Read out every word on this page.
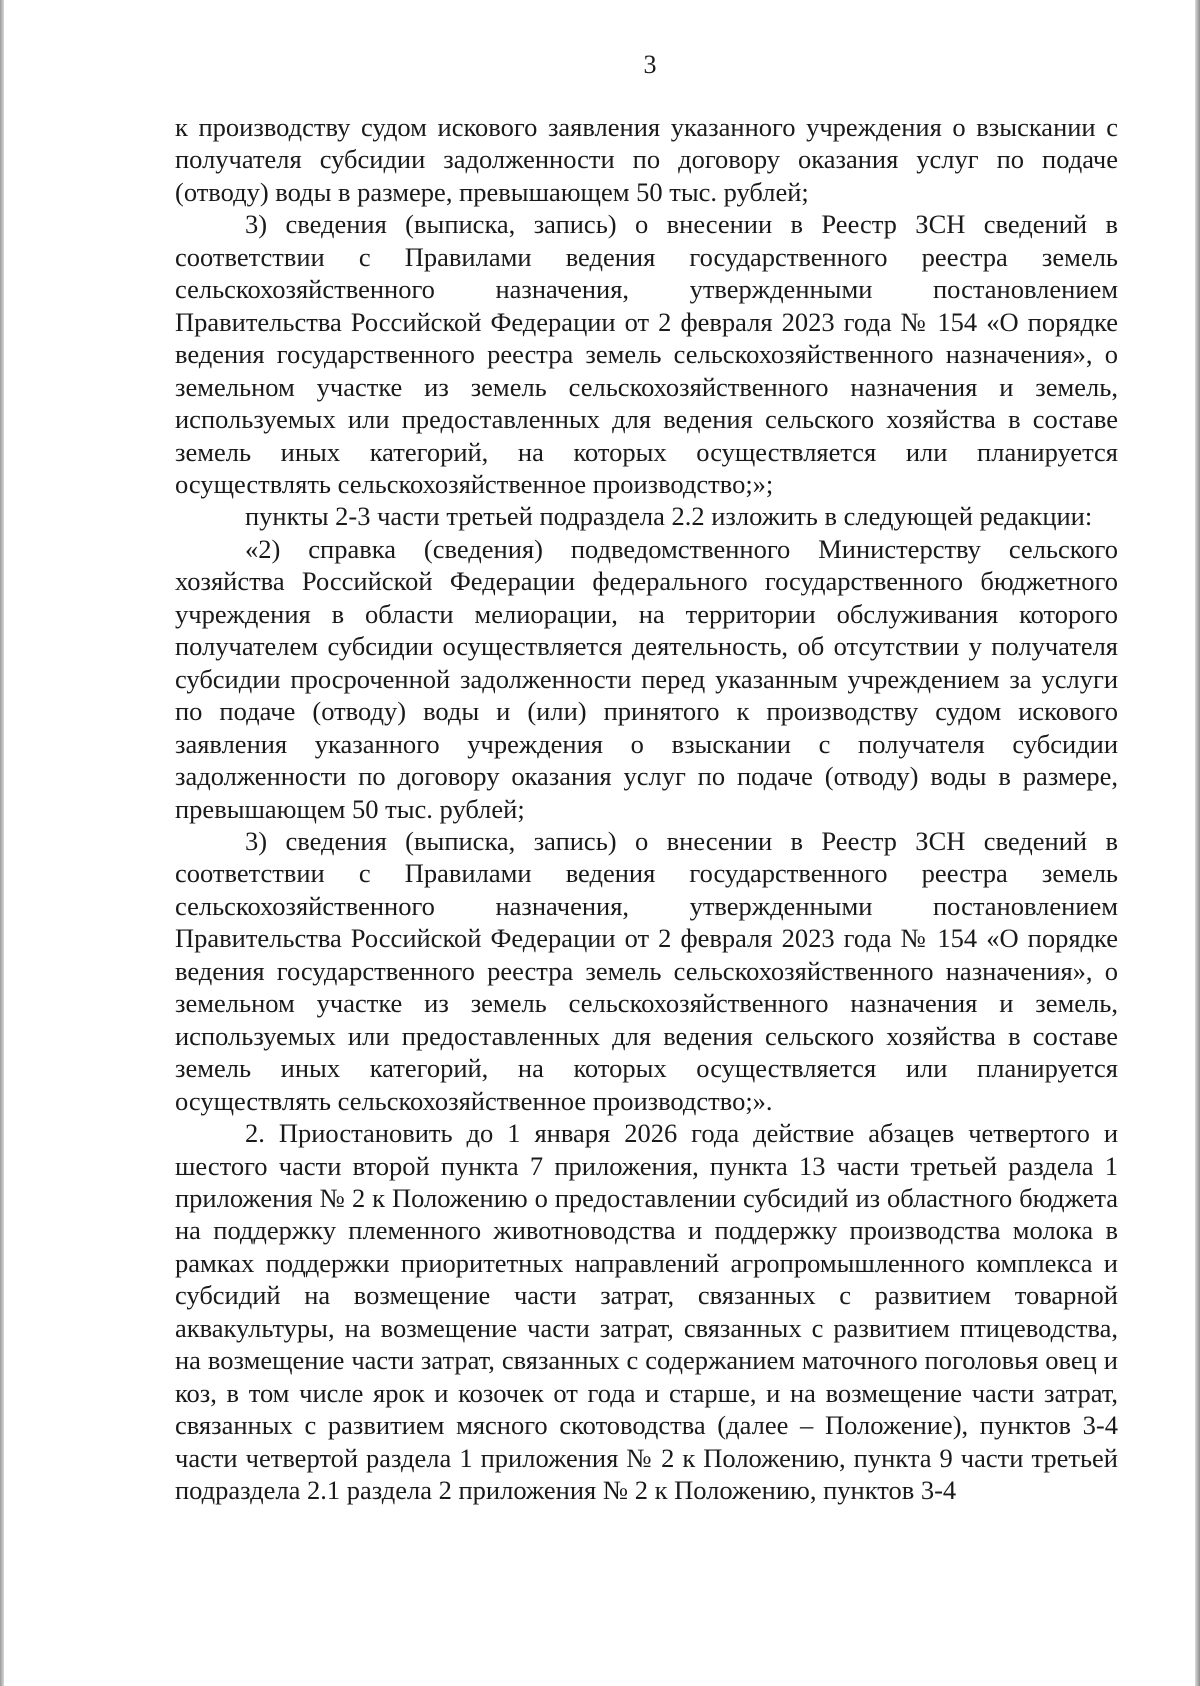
3

к производству судом искового заявления указанного учреждения о взыскании с получателя субсидии задолженности по договору оказания услуг по подаче (отводу) воды в размере, превышающем 50 тыс. рублей;

3) сведения (выписка, запись) о внесении в Реестр ЗСН сведений в соответствии с Правилами ведения государственного реестра земель сельскохозяйственного назначения, утвержденными постановлением Правительства Российской Федерации от 2 февраля 2023 года № 154 «О порядке ведения государственного реестра земель сельскохозяйственного назначения», о земельном участке из земель сельскохозяйственного назначения и земель, используемых или предоставленных для ведения сельского хозяйства в составе земель иных категорий, на которых осуществляется или планируется осуществлять сельскохозяйственное производство;»;

пункты 2-3 части третьей подраздела 2.2 изложить в следующей редакции:

«2) справка (сведения) подведомственного Министерству сельского хозяйства Российской Федерации федерального государственного бюджетного учреждения в области мелиорации, на территории обслуживания которого получателем субсидии осуществляется деятельность, об отсутствии у получателя субсидии просроченной задолженности перед указанным учреждением за услуги по подаче (отводу) воды и (или) принятого к производству судом искового заявления указанного учреждения о взыскании с получателя субсидии задолженности по договору оказания услуг по подаче (отводу) воды в размере, превышающем 50 тыс. рублей;

3) сведения (выписка, запись) о внесении в Реестр ЗСН сведений в соответствии с Правилами ведения государственного реестра земель сельскохозяйственного назначения, утвержденными постановлением Правительства Российской Федерации от 2 февраля 2023 года № 154 «О порядке ведения государственного реестра земель сельскохозяйственного назначения», о земельном участке из земель сельскохозяйственного назначения и земель, используемых или предоставленных для ведения сельского хозяйства в составе земель иных категорий, на которых осуществляется или планируется осуществлять сельскохозяйственное производство;».

2. Приостановить до 1 января 2026 года действие абзацев четвертого и шестого части второй пункта 7 приложения, пункта 13 части третьей раздела 1 приложения № 2 к Положению о предоставлении субсидий из областного бюджета на поддержку племенного животноводства и поддержку производства молока в рамках поддержки приоритетных направлений агропромышленного комплекса и субсидий на возмещение части затрат, связанных с развитием товарной аквакультуры, на возмещение части затрат, связанных с развитием птицеводства, на возмещение части затрат, связанных с содержанием маточного поголовья овец и коз, в том числе ярок и козочек от года и старше, и на возмещение части затрат, связанных с развитием мясного скотоводства (далее – Положение), пунктов 3-4 части четвертой раздела 1 приложения № 2 к Положению, пункта 9 части третьей подраздела 2.1 раздела 2 приложения № 2 к Положению, пунктов 3-4
